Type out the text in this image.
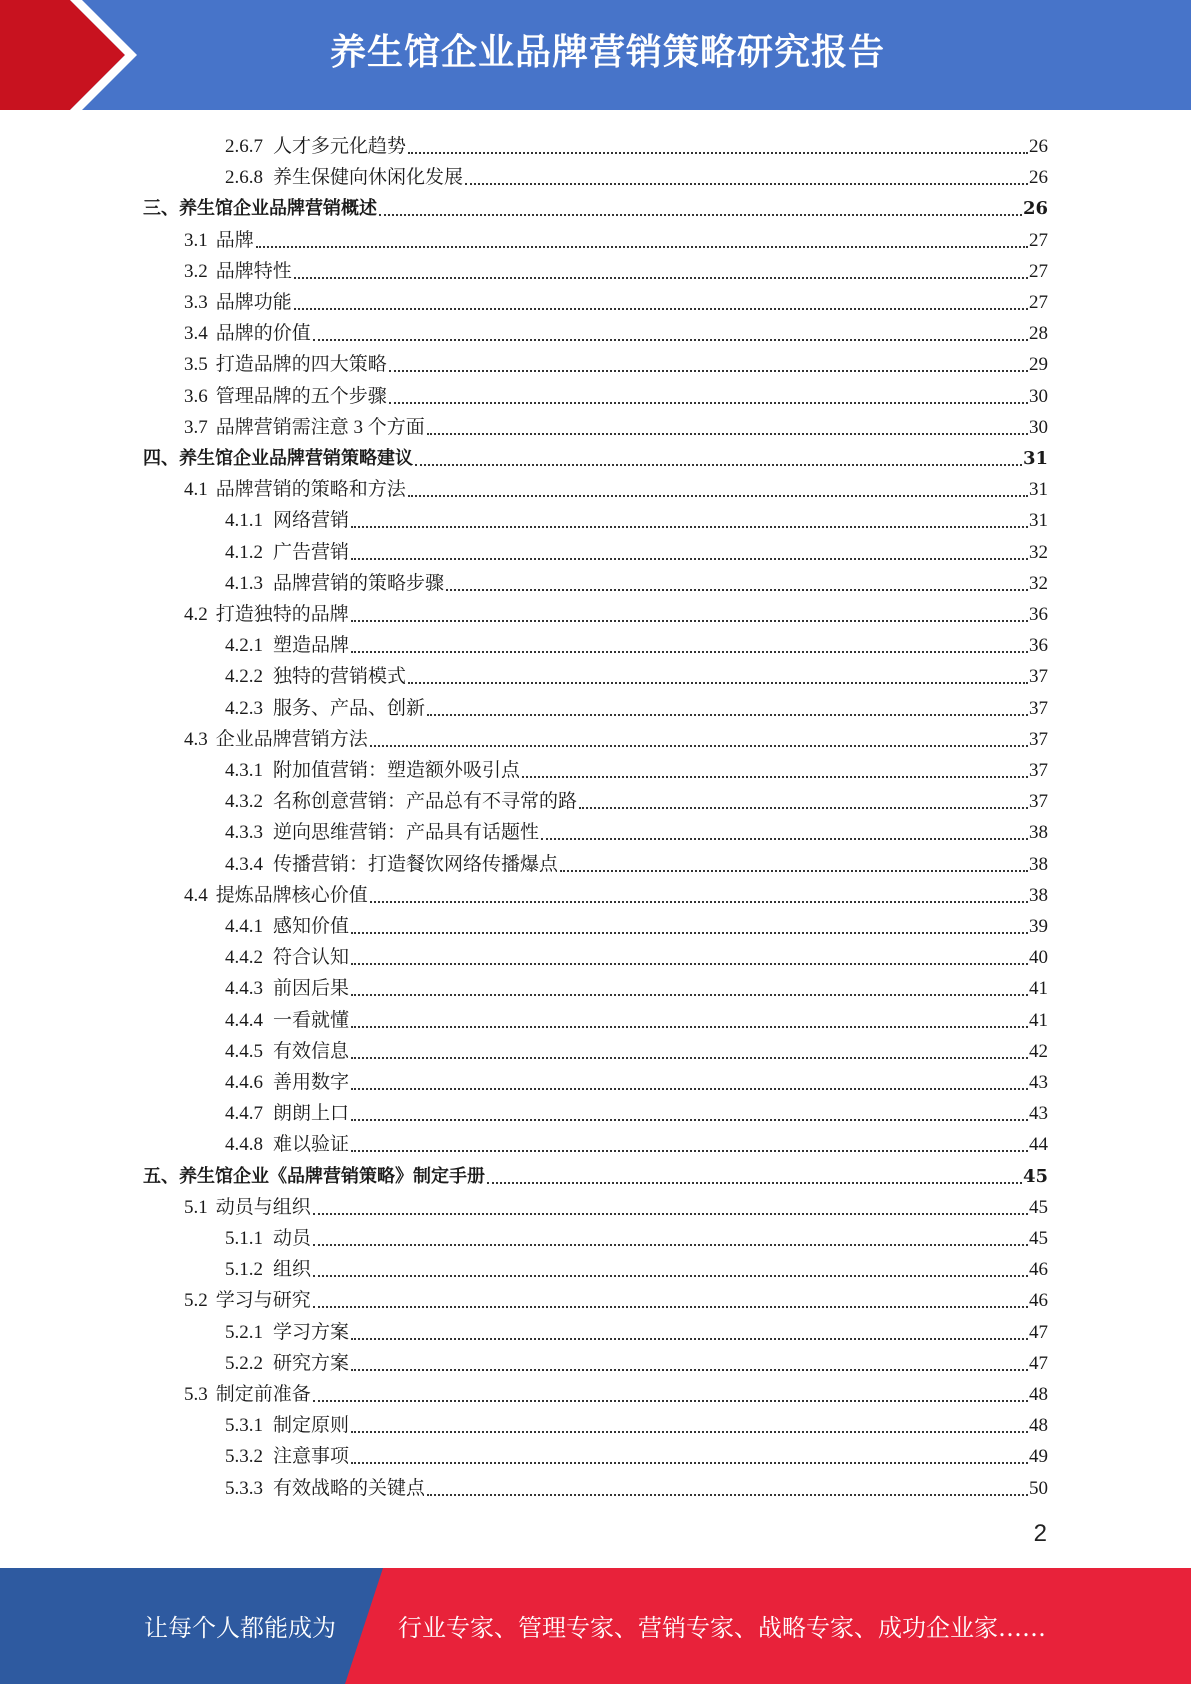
养生馆企业品牌营销策略研究报告
2.6.7 人才多元化趋势	26
2.6.8 养生保健向休闲化发展	26
三、养生馆企业品牌营销概述	26
3.1 品牌	27
3.2 品牌特性	27
3.3 品牌功能	27
3.4 品牌的价值	28
3.5 打造品牌的四大策略	29
3.6 管理品牌的五个步骤	30
3.7 品牌营销需注意 3 个方面	30
四、养生馆企业品牌营销策略建议	31
4.1 品牌营销的策略和方法	31
4.1.1 网络营销	31
4.1.2 广告营销	32
4.1.3 品牌营销的策略步骤	32
4.2 打造独特的品牌	36
4.2.1 塑造品牌	36
4.2.2 独特的营销模式	37
4.2.3 服务、产品、创新	37
4.3 企业品牌营销方法	37
4.3.1 附加值营销：塑造额外吸引点	37
4.3.2 名称创意营销：产品总有不寻常的路	37
4.3.3 逆向思维营销：产品具有话题性	38
4.3.4 传播营销：打造餐饮网络传播爆点	38
4.4 提炼品牌核心价值	38
4.4.1 感知价值	39
4.4.2 符合认知	40
4.4.3 前因后果	41
4.4.4 一看就懂	41
4.4.5 有效信息	42
4.4.6 善用数字	43
4.4.7 朗朗上口	43
4.4.8 难以验证	44
五、养生馆企业《品牌营销策略》制定手册	45
5.1 动员与组织	45
5.1.1 动员	45
5.1.2 组织	46
5.2 学习与研究	46
5.2.1 学习方案	47
5.2.2 研究方案	47
5.3 制定前准备	48
5.3.1 制定原则	48
5.3.2 注意事项	49
5.3.3 有效战略的关键点	50
2
让每个人都能成为	行业专家、管理专家、营销专家、战略专家、成功企业家……
